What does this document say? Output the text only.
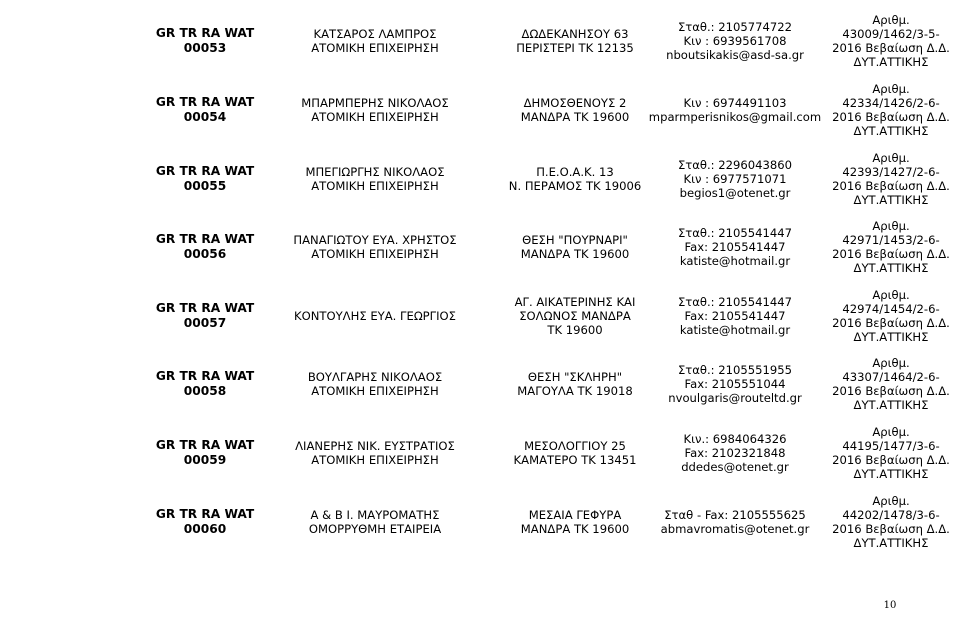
GR TR RA WAT
00053
ΚΑΤΣΑΡΟΣ ΛΑΜΠΡΟΣ
ΑΤΟΜΙΚΗ ΕΠΙΧΕΙΡΗΣΗ
ΔΩΔΕΚΑΝΗΣΟΥ 63
ΠΕΡΙΣΤΕΡΙ ΤΚ 12135
Σταθ.: 2105774722
Κιν : 6939561708
nboutsikakis@asd-sa.gr
Αριθμ.
43009/1462/3-5-
2016 Βεβαίωση Δ.Δ.
ΔΥΤ.ΑΤΤΙΚΗΣ
GR TR RA WAT
00054
ΜΠΑΡΜΠΕΡΗΣ ΝΙΚΟΛΑΟΣ
ΑΤΟΜΙΚΗ ΕΠΙΧΕΙΡΗΣΗ
ΔΗΜΟΣΘΕΝΟΥΣ 2
ΜΑΝΔΡΑ ΤΚ 19600
Κιν : 6974491103
mparmperisnikos@gmail.com
Αριθμ.
42334/1426/2-6-
2016 Βεβαίωση Δ.Δ.
ΔΥΤ.ΑΤΤΙΚΗΣ
GR TR RA WAT
00055
ΜΠΕΓΙΩΡΓΗΣ ΝΙΚΟΛΑΟΣ
ΑΤΟΜΙΚΗ ΕΠΙΧΕΙΡΗΣΗ
Π.Ε.Ο.Α.Κ. 13
Ν. ΠΕΡΑΜΟΣ ΤΚ 19006
Σταθ.: 2296043860
Κιν : 6977571071
begios1@otenet.gr
Αριθμ.
42393/1427/2-6-
2016 Βεβαίωση Δ.Δ.
ΔΥΤ.ΑΤΤΙΚΗΣ
GR TR RA WAT
00056
ΠΑΝΑΓΙΩΤΟΥ ΕΥΑ. ΧΡΗΣΤΟΣ
ΑΤΟΜΙΚΗ ΕΠΙΧΕΙΡΗΣΗ
ΘΕΣΗ "ΠΟΥΡΝΑΡΙ"
ΜΑΝΔΡΑ ΤΚ 19600
Σταθ.: 2105541447
Fax: 2105541447
katiste@hotmail.gr
Αριθμ.
42971/1453/2-6-
2016 Βεβαίωση Δ.Δ.
ΔΥΤ.ΑΤΤΙΚΗΣ
GR TR RA WAT
00057	ΚΟΝΤΟΥΛΗΣ ΕΥΑ. ΓΕΩΡΓΙΟΣ
ΑΓ. ΑΙΚΑΤΕΡΙΝΗΣ ΚΑΙ
ΣΟΛΩΝΟΣ ΜΑΝΔΡΑ
ΤΚ 19600
Σταθ.: 2105541447
Fax: 2105541447
katiste@hotmail.gr
Αριθμ.
42974/1454/2-6-
2016 Βεβαίωση Δ.Δ.
ΔΥΤ.ΑΤΤΙΚΗΣ
GR TR RA WAT
00058
ΒΟΥΛΓΑΡΗΣ ΝΙΚΟΛΑΟΣ
ΑΤΟΜΙΚΗ ΕΠΙΧΕΙΡΗΣΗ
ΘΕΣΗ "ΣΚΛΗΡΗ"
ΜΑΓΟΥΛΑ ΤΚ 19018
Σταθ.: 2105551955
Fax: 2105551044
nvoulgaris@routeltd.gr
Αριθμ.
43307/1464/2-6-
2016 Βεβαίωση Δ.Δ.
ΔΥΤ.ΑΤΤΙΚΗΣ
GR TR RA WAT
00059
ΛΙΑΝΕΡΗΣ ΝΙΚ. ΕΥΣΤΡΑΤΙΟΣ
ΑΤΟΜΙΚΗ ΕΠΙΧΕΙΡΗΣΗ
ΜΕΣΟΛΟΓΓΙΟΥ 25
ΚΑΜΑΤΕΡΟ ΤΚ 13451
Κιν.: 6984064326
Fax: 2102321848
ddedes@otenet.gr
Αριθμ.
44195/1477/3-6-
2016 Βεβαίωση Δ.Δ.
ΔΥΤ.ΑΤΤΙΚΗΣ
GR TR RA WAT
00060
Α & Β Ι. ΜΑΥΡΟΜΑΤΗΣ
ΟΜΟΡΡΥΘΜΗ ΕΤΑΙΡΕΙΑ
ΜΕΣΑΙΑ ΓΕΦΥΡΑ
ΜΑΝΔΡΑ ΤΚ 19600
Σταθ - Fax: 2105555625
abmavromatis@otenet.gr
Αριθμ.
44202/1478/3-6-
2016 Βεβαίωση Δ.Δ.
ΔΥΤ.ΑΤΤΙΚΗΣ
10
